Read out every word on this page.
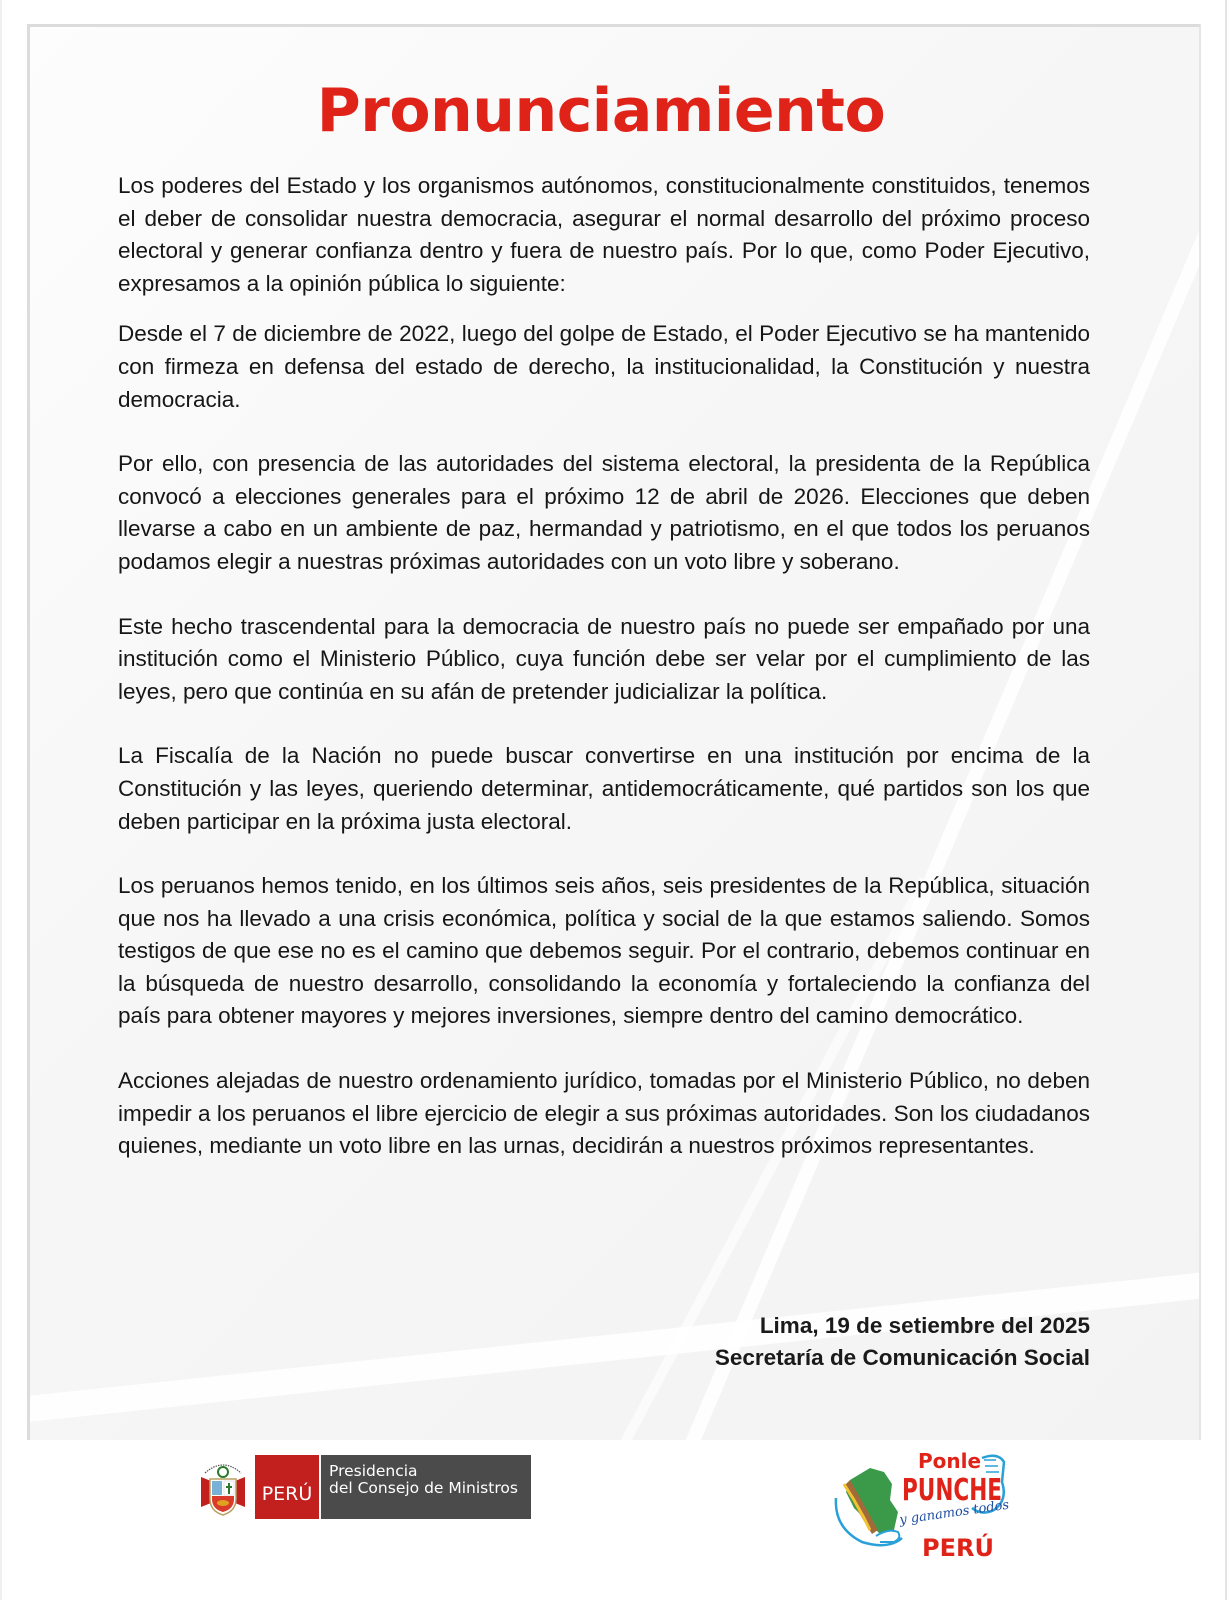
Pronunciamiento

Los poderes del Estado y los organismos autónomos, constitucionalmente constituidos, tenemos el deber de consolidar nuestra democracia, asegurar el normal desarrollo del próximo proceso electoral y generar confianza dentro y fuera de nuestro país. Por lo que, como Poder Ejecutivo, expresamos a la opinión pública lo siguiente:

Desde el 7 de diciembre de 2022, luego del golpe de Estado, el Poder Ejecutivo se ha mantenido con firmeza en defensa del estado de derecho, la institucionalidad, la Constitución y nuestra democracia.

Por ello, con presencia de las autoridades del sistema electoral, la presidenta de la República convocó a elecciones generales para el próximo 12 de abril de 2026. Elecciones que deben llevarse a cabo en un ambiente de paz, hermandad y patriotismo, en el que todos los peruanos podamos elegir a nuestras próximas autoridades con un voto libre y soberano.

Este hecho trascendental para la democracia de nuestro país no puede ser empañado por una institución como el Ministerio Público, cuya función debe ser velar por el cumplimiento de las leyes, pero que continúa en su afán de pretender judicializar la política.

La Fiscalía de la Nación no puede buscar convertirse en una institución por encima de la Constitución y las leyes, queriendo determinar, antidemocráticamente, qué partidos son los que deben participar en la próxima justa electoral.

Los peruanos hemos tenido, en los últimos seis años, seis presidentes de la República, situación que nos ha llevado a una crisis económica, política y social de la que estamos saliendo. Somos testigos de que ese no es el camino que debemos seguir. Por el contrario, debemos continuar en la búsqueda de nuestro desarrollo, consolidando la economía y fortaleciendo la confianza del país para obtener mayores y mejores inversiones, siempre dentro del camino democrático.

Acciones alejadas de nuestro ordenamiento jurídico, tomadas por el Ministerio Público, no deben impedir a los peruanos el libre ejercicio de elegir a sus próximas autoridades. Son los ciudadanos quienes, mediante un voto libre en las urnas, decidirán a nuestros próximos representantes.

Lima, 19 de setiembre del 2025
Secretaría de Comunicación Social
PERÚ
Presidencia
del Consejo de Ministros
Ponle
PUNCHE
y ganamos todos
PERÚ
